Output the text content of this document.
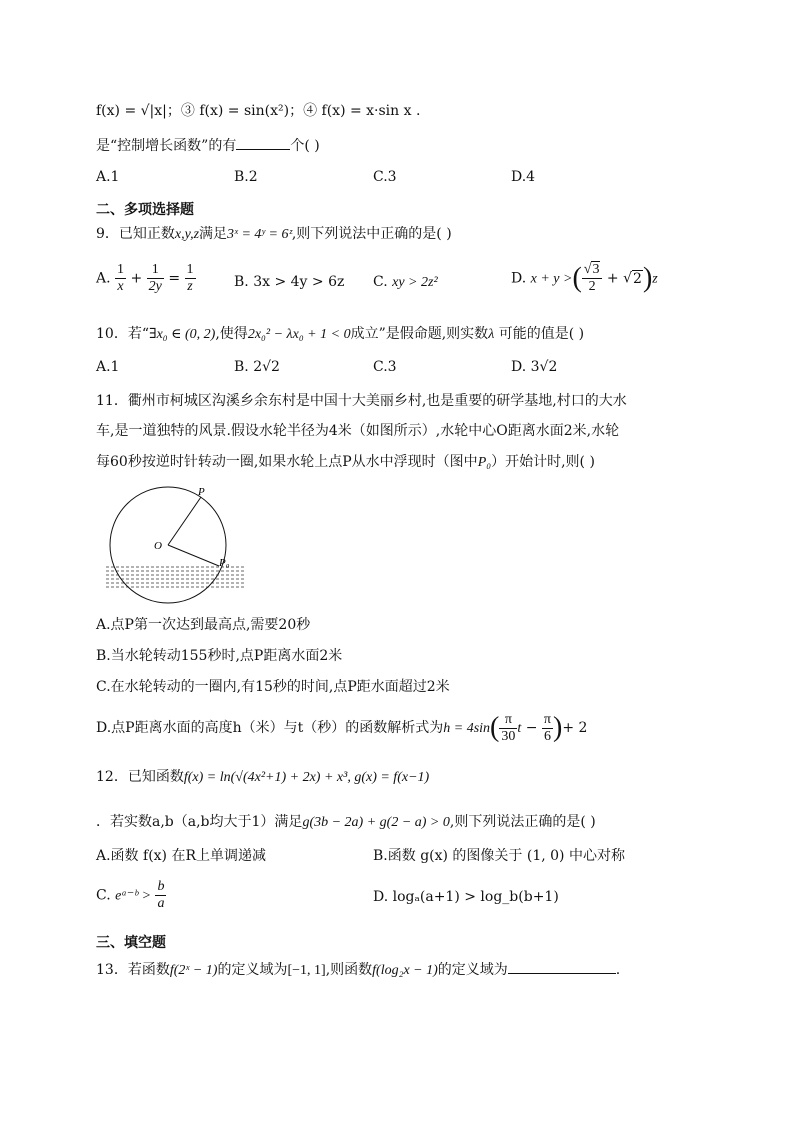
f(x) = √|x|；③ f(x) = sin(x²)；④ f(x) = x·sin x .
是“控制增长函数”的有	个( )
A.1	B.2	C.3	D.4
二、多项选择题
9．已知正数x,y,z满足3ˣ = 4ʸ = 6ᶻ,则下列说法中正确的是( )
A. $\frac{1}{x} + \frac{1}{2y} = \frac{1}{z}$	B. 3x > 4y > 6z C. xy > 2z²	D. x + y >( $\frac{√3}{2} + √2)z$
10．若“∃x₀ ∈ (0, 2),使得2x₀² − λx₀ + 1 < 0成立”是假命题,则实数λ 可能的值是( )
A.1	B. 2√2	C.3	D. 3√2
11．衢州市柯城区沟溪乡余东村是中国十大美丽乡村,也是重要的研学基地,村口的大水
车,是一道独特的风景.假设水轮半径为4米（如图所示）,水轮中心O距离水面2米,水轮
每60秒按逆时针转动一圈,如果水轮上点P从水中浮现时（图中P₀）开始计时,则( )
P
O
P₀
A.点P第一次达到最高点,需要20秒
B.当水轮转动155秒时,点P距离水面2米
C.在水轮转动的一圈内,有15秒的时间,点P距水面超过2米
D.点P距离水面的高度h（米）与t（秒）的函数解析式为$h = 4\sin( \frac{\pi}{30}$ $t - \frac{\pi}{6}$ )+ 2
12．已知函数f(x) = ln(√(4x²+1) + 2x) + x³, g(x) = f(x−1)
．若实数a,b（a,b均大于1）满足g(3b − 2a) + g(2 − a) > 0,则下列说法正确的是( )
A.函数 f(x) 在R上单调递减	B.函数 g(x) 的图像关于 (1, 0) 中心对称
C. eᵃ⁻ᵇ > $\frac{b}{a}$	D. logₐ(a+1) > log_b(b+1)
三、填空题
13．若函数f(2ˣ − 1)的定义域为[−1, 1],则函数f(log₂x − 1)的定义域为	.
